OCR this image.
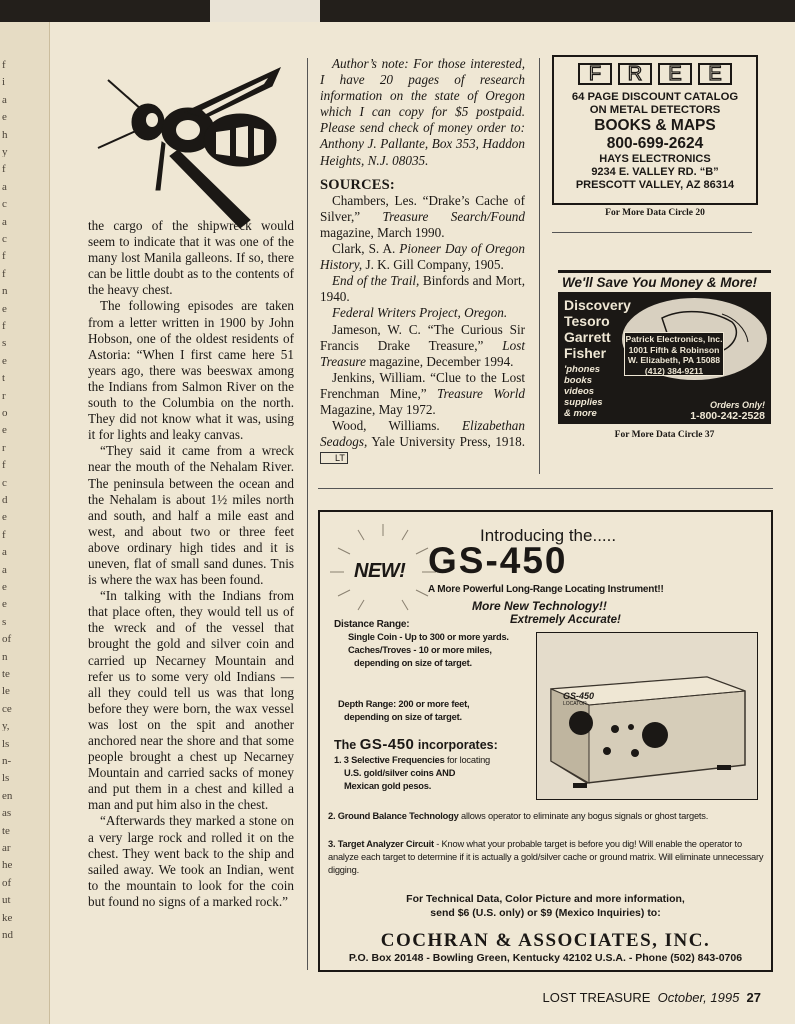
f
i
a
e
h
y
f
a
c
a
c
f
f
n
e
f
s
e
t
r
o
e
r
f
c
d
e
f
a
a
e
e
s
of
n
te
le
ce
y,
ls
n-
ls
en
as
te
ar
he
of
ut
ke
nd

the cargo of the shipwreck would seem to indicate that it was one of the many lost Manila galleons. If so, there can be little doubt as to the contents of the heavy chest.

The following episodes are taken from a letter written in 1900 by John Hobson, one of the oldest residents of Astoria: “When I first came here 51 years ago, there was beeswax among the Indians from Salmon River on the south to the Columbia on the north. They did not know what it was, using it for lights and leaky canvas.

“They said it came from a wreck near the mouth of the Nehalam River. The peninsula between the ocean and the Nehalam is about 1½ miles north and south, and half a mile east and west, and about two or three feet above ordinary high tides and it is uneven, flat of small sand dunes. Tnis is where the wax has been found.

“In talking with the Indians from that place often, they would tell us of the wreck and of the vessel that brought the gold and silver coin and carried up Necarney Mountain and refer us to some very old Indians — all they could tell us was that long before they were born, the wax vessel was lost on the spit and another anchored near the shore and that some people brought a chest up Necarney Mountain and carried sacks of money and put them in a chest and killed a man and put him also in the chest.

“Afterwards they marked a stone on a very large rock and rolled it on the chest. They went back to the ship and sailed away. We took an Indian, went to the mountain to look for the coin but found no signs of a marked rock.”

Author’s note: For those interested, I have 20 pages of research information on the state of Oregon which I can copy for $5 postpaid. Please send check of money order to: Anthony J. Pallante, Box 353, Haddon Heights, N.J. 08035.

SOURCES:

Chambers, Les. “Drake’s Cache of Silver,” Treasure Search/Found magazine, March 1990.

Clark, S. A. Pioneer Day of Oregon History, J. K. Gill Company, 1905.

End of the Trail, Binfords and Mort, 1940.

Federal Writers Project, Oregon.

Jameson, W. C. “The Curious Sir Francis Drake Treasure,” Lost Treasure magazine, December 1994.

Jenkins, William. “Clue to the Lost Frenchman Mine,” Treasure World Magazine, May 1972.

Wood, Williams. Elizabethan Seadogs, Yale University Press, 1918. LT

F	R	E	E
64 PAGE DISCOUNT CATALOG
ON METAL DETECTORS
BOOKS & MAPS
800-699-2624
HAYS ELECTRONICS
9234 E. VALLEY RD. “B”
PRESCOTT VALLEY, AZ 86314
For More Data Circle 20
We'll Save You Money & More!
Discovery
Tesoro
Garrett
Fisher
'phones
books
videos
supplies
& more
Patrick Electronics, Inc.
1001 Fifth & Robinson
W. Elizabeth, PA 15088
(412) 384-9211
Orders Only!
1-800-242-2528
For More Data Circle 37
Introducing the.....
NEW! GS-450
A More Powerful Long-Range Locating Instrument!!
More New Technology!!
Extremely Accurate!
Distance Range:
Single Coin - Up to 300 or more yards.
Caches/Troves - 10 or more miles,
depending on size of target.
Depth Range: 200 or more feet,
depending on size of target.
The GS-450 incorporates:
1. 3 Selective Frequencies for locating
U.S. gold/silver coins AND
Mexican gold pesos.
2. Ground Balance Technology allows operator to eliminate any bogus signals or ghost targets.
3. Target Analyzer Circuit - Know what your probable target is before you dig! Will enable the operator to analyze each target to determine if it is actually a gold/silver cache or ground matrix. Will eliminate unnecessary digging.
GS-450
LOCATOR
For Technical Data, Color Picture and more information,
send $6 (U.S. only) or $9 (Mexico Inquiries) to:
COCHRAN & ASSOCIATES, INC.
P.O. Box 20148 - Bowling Green, Kentucky 42102 U.S.A. - Phone (502) 843-0706
LOST TREASURE October, 1995 27
